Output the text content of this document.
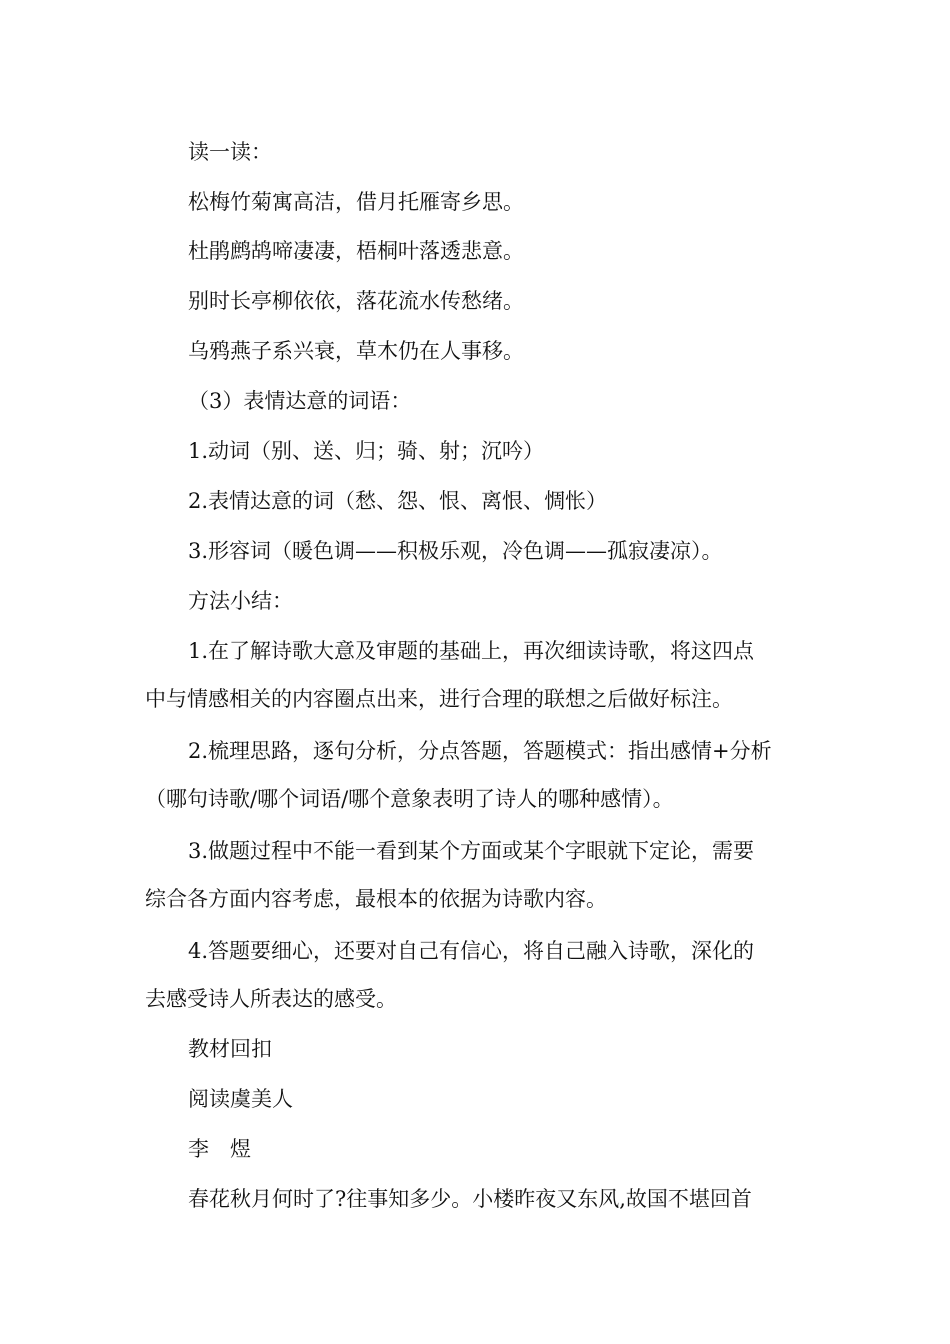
读一读：
松梅竹菊寓高洁，借月托雁寄乡思。
杜鹃鹧鸪啼凄凄，梧桐叶落透悲意。
别时长亭柳依依，落花流水传愁绪。
乌鸦燕子系兴衰，草木仍在人事移。
（3）表情达意的词语：
1.动词（别、送、归；骑、射；沉吟）
2.表情达意的词（愁、怨、恨、离恨、惆怅）
3.形容词（暖色调——积极乐观，冷色调——孤寂凄凉）。
方法小结：
1.在了解诗歌大意及审题的基础上，再次细读诗歌，将这四点
中与情感相关的内容圈点出来，进行合理的联想之后做好标注。
2.梳理思路，逐句分析，分点答题，答题模式：指出感情+分析
（哪句诗歌/哪个词语/哪个意象表明了诗人的哪种感情）。
3.做题过程中不能一看到某个方面或某个字眼就下定论，需要
综合各方面内容考虑，最根本的依据为诗歌内容。
4.答题要细心，还要对自己有信心，将自己融入诗歌，深化的
去感受诗人所表达的感受。
教材回扣
阅读虞美人
李　煜
春花秋月何时了?往事知多少。小楼昨夜又东风,故国不堪回首
